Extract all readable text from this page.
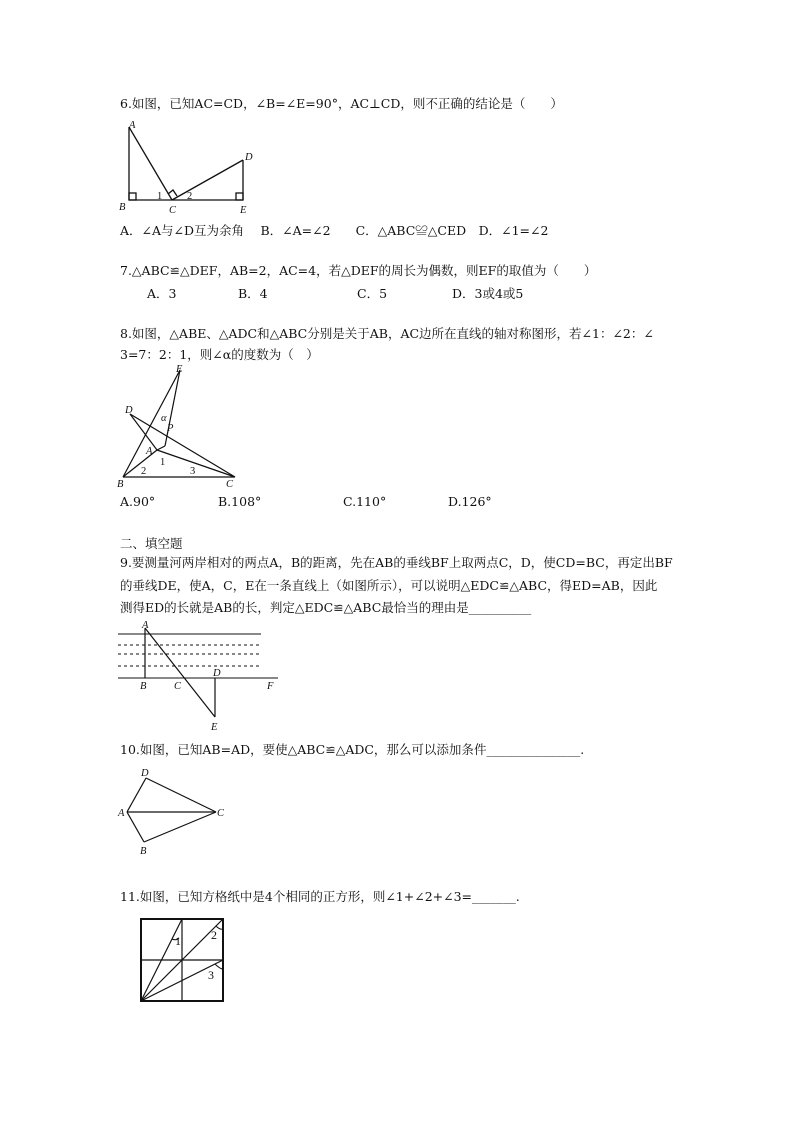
6.如图，已知AC=CD，∠B=∠E=90°，AC⊥CD，则不正确的结论是（　　）
A
B	C
D
E
1 2
A．∠A与∠D互为余角　 B．∠A=∠2　　C．△ABC≌△CED　D．∠1=∠2
7.△ABC≌△DEF，AB=2，AC=4，若△DEF的周长为偶数，则EF的取值为（　　）
A．3	B．4	C．5	D．3或4或5
8.如图，△ABE、△ADC和△ABC分别是关于AB，AC边所在直线的轴对称图形，若∠1：∠2：∠
3=7：2：1，则∠α的度数为（　）
E
D
α
P
A
1
2	3
B	C
A.90°	B.108°	C.110°	D.126°
二、填空题
9.要测量河两岸相对的两点A，B的距离，先在AB的垂线BF上取两点C，D，使CD=BC，再定出BF
的垂线DE，使A，C，E在一条直线上（如图所示），可以说明△EDC≌△ABC，得ED=AB，因此
测得ED的长就是AB的长，判定△EDC≌△ABC最恰当的理由是__________
A
B	C
D
F
E
10.如图，已知AB=AD，要使△ABC≌△ADC，那么可以添加条件_______________.
D
A	C
B
11.如图，已知方格纸中是4个相同的正方形，则∠1+∠2+∠3=_______.
1	2
3
